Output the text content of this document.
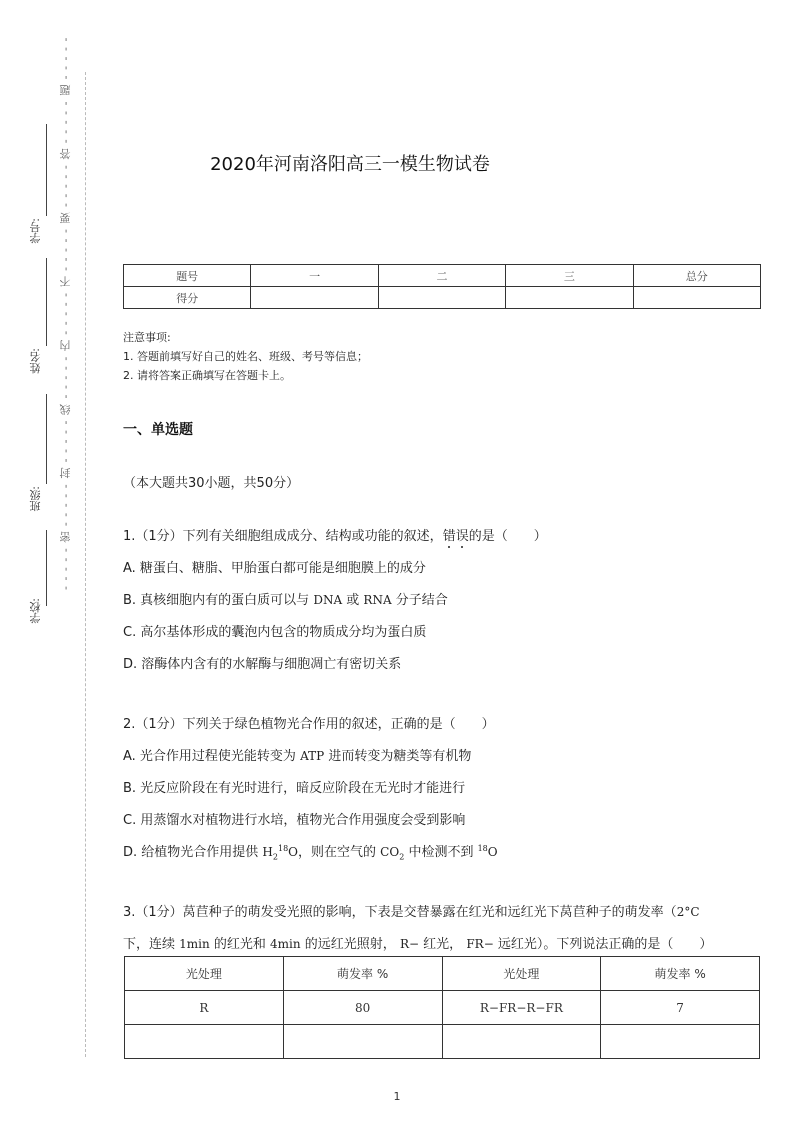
学号:
姓名:
班级:
学校:
- - - - - 密 - - - - - 封 - - - - - 线 - - - - - 内 - - - - - 不 - - - - - 要 - - - - - 答 - - - - - 题 - - - - -	2020年河南洛阳高三一模生物试卷
题号	一	二	三	总分
得分				
注意事项:
1. 答题前填写好自己的姓名、班级、考号等信息；
2. 请将答案正确填写在答题卡上。
一、单选题
（本大题共30小题，共50分）
1.（1分）下列有关细胞组成成分、结构或功能的叙述，错误的是（　　）
A. 糖蛋白、糖脂、甲胎蛋白都可能是细胞膜上的成分
B. 真核细胞内有的蛋白质可以与 DNA 或 RNA 分子结合
C. 高尔基体形成的囊泡内包含的物质成分均为蛋白质
D. 溶酶体内含有的水解酶与细胞凋亡有密切关系
2.（1分）下列关于绿色植物光合作用的叙述，正确的是（　　）
A. 光合作用过程使光能转变为 ATP 进而转变为糖类等有机物
B. 光反应阶段在有光时进行，暗反应阶段在无光时才能进行
C. 用蒸馏水对植物进行水培，植物光合作用强度会受到影响
D. 给植物光合作用提供 $H_2^{18}O$，则在空气的 $CO_2$ 中检测不到 $^{18}$O
3.（1分）莴苣种子的萌发受光照的影响，下表是交替暴露在红光和远红光下莴苣种子的萌发率（2°C
下，连续 1min 的红光和 4min 的远红光照射， R− 红光， FR− 远红光）。下列说法正确的是（　　）
光处理	萌发率 %	光处理	萌发率 %
R	80	R−FR−R−FR	7

1
